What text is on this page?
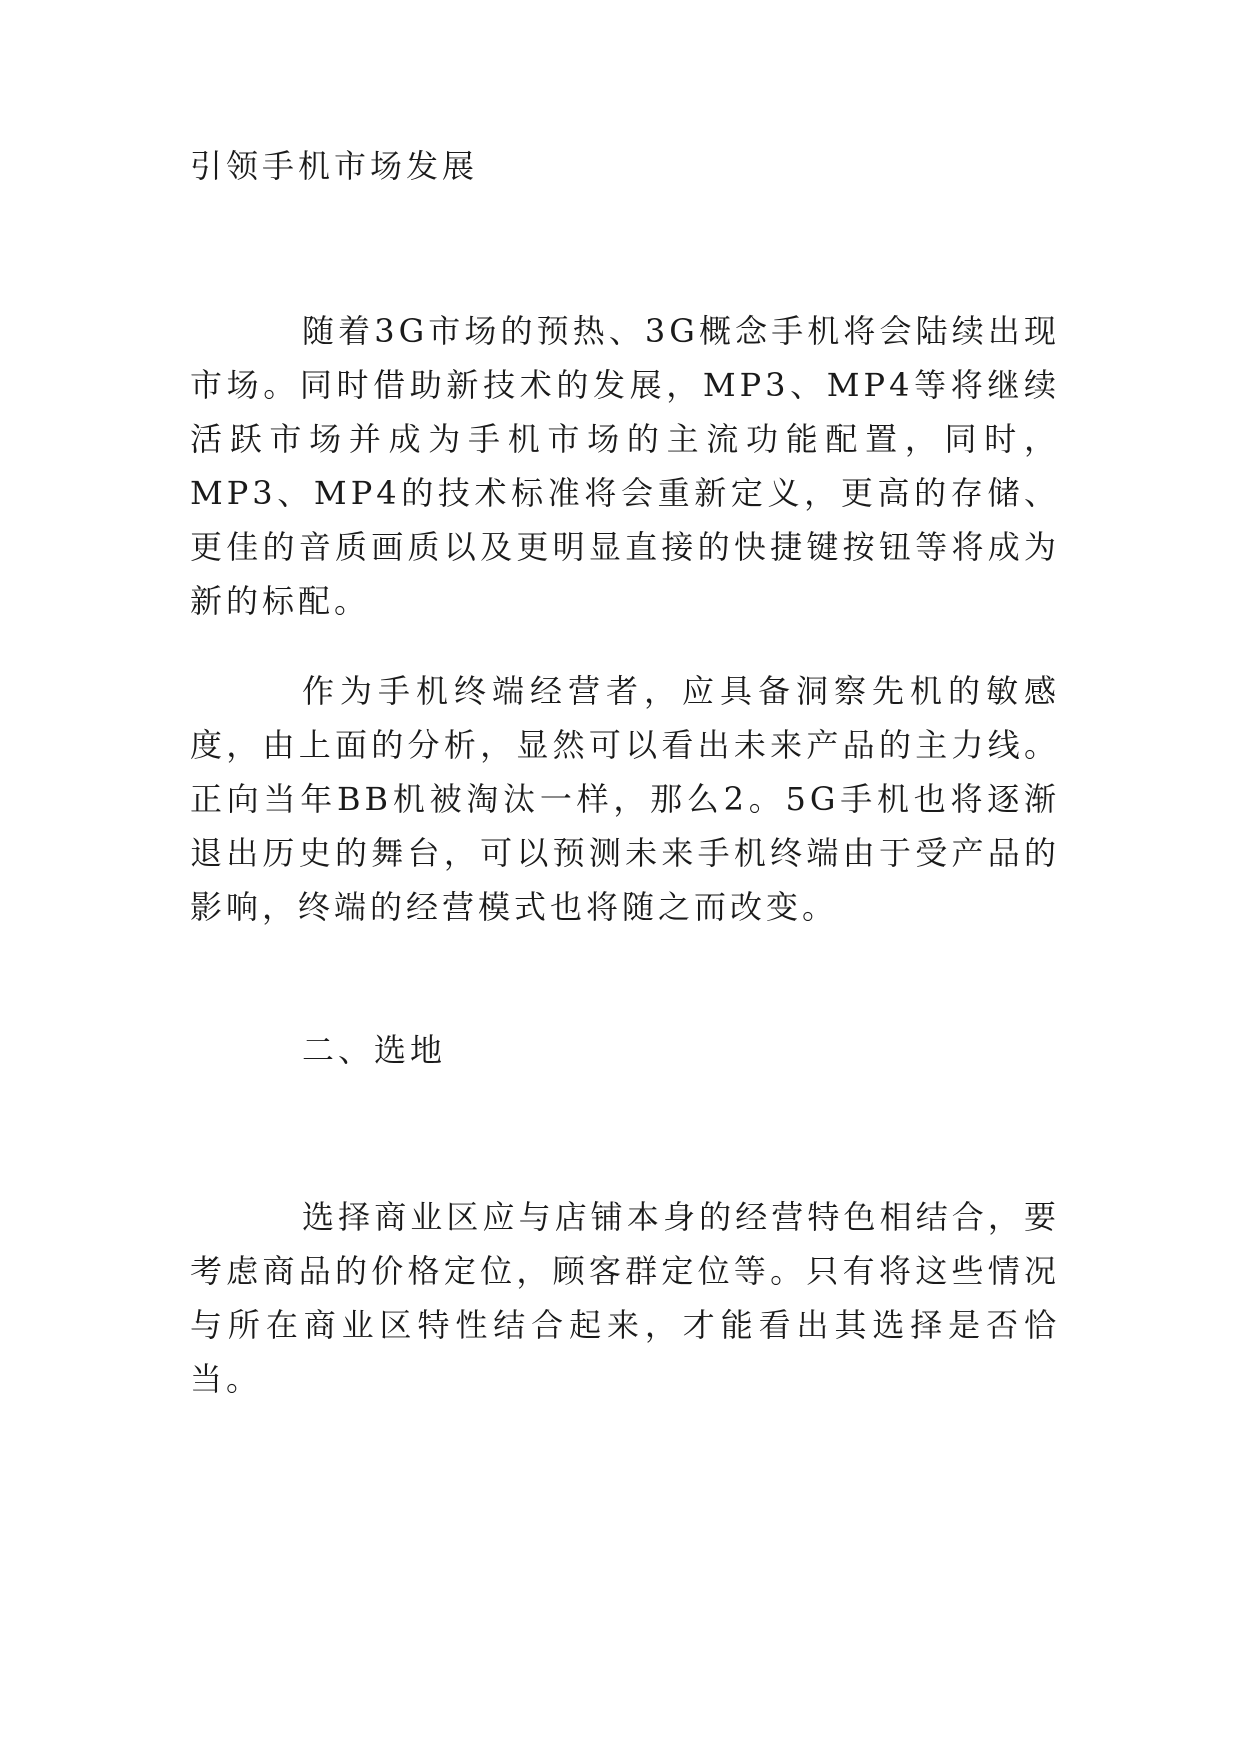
引领手机市场发展
随着3G市场的预热、3G概念手机将会陆续出现市场。同时借助新技术的发展，MP3、MP4等将继续活跃市场并成为手机市场的主流功能配置，同时，MP3、MP4的技术标准将会重新定义，更高的存储、更佳的音质画质以及更明显直接的快捷键按钮等将成为新的标配。
作为手机终端经营者，应具备洞察先机的敏感度，由上面的分析，显然可以看出未来产品的主力线。正向当年BB机被淘汰一样，那么2。5G手机也将逐渐退出历史的舞台，可以预测未来手机终端由于受产品的影响，终端的经营模式也将随之而改变。
二、选地
选择商业区应与店铺本身的经营特色相结合，要考虑商品的价格定位，顾客群定位等。只有将这些情况与所在商业区特性结合起来，才能看出其选择是否恰当。
